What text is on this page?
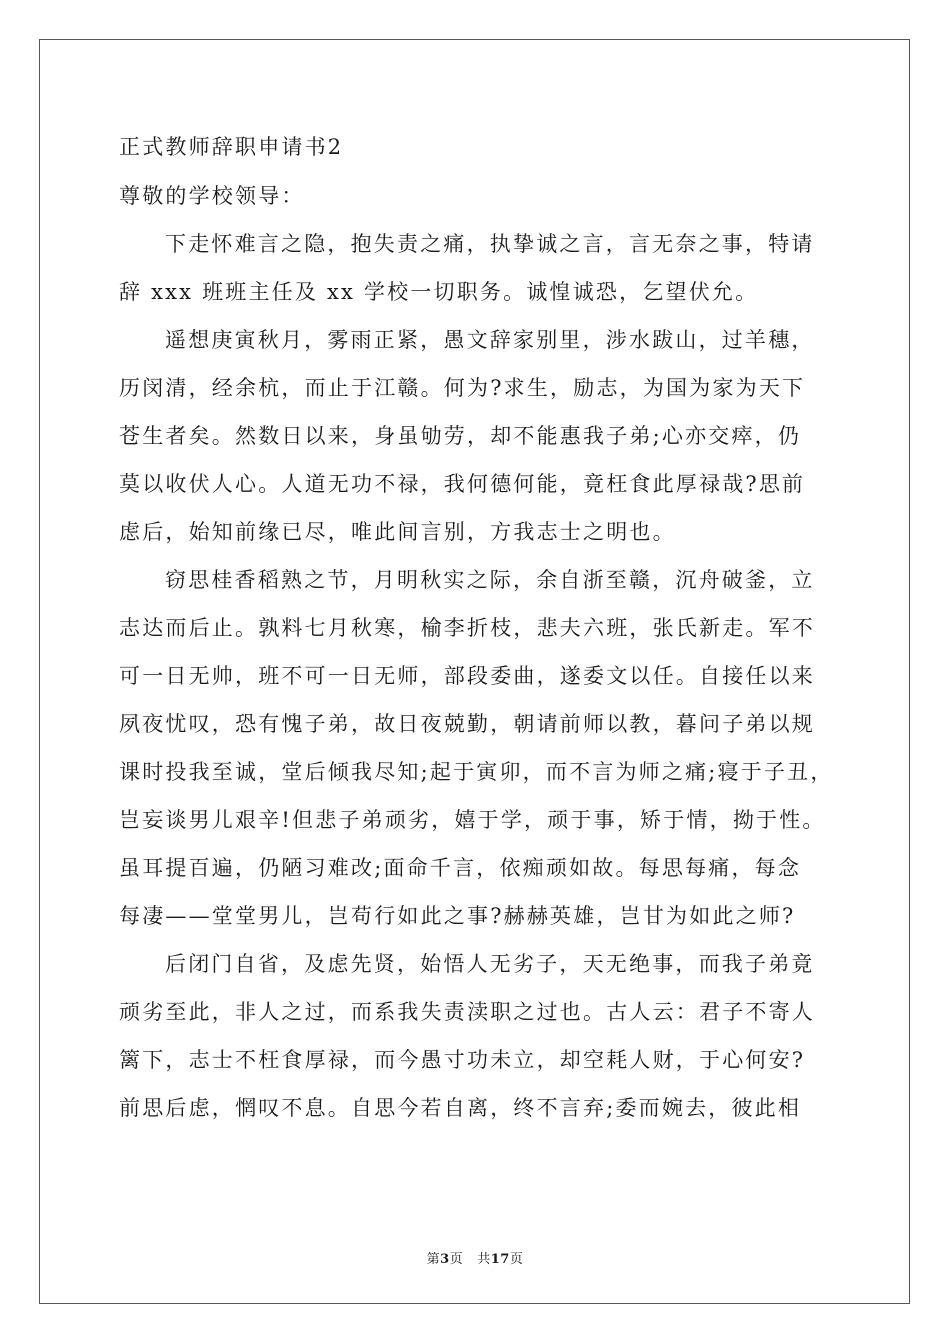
正式教师辞职申请书2
尊敬的学校领导：
下走怀难言之隐，抱失责之痛，执挚诚之言，言无奈之事，特请
辞 xxx 班班主任及 xx 学校一切职务。诚惶诚恐，乞望伏允。
遥想庚寅秋月，雾雨正紧，愚文辞家别里，涉水跋山，过羊穗，
历闵清，经余杭，而止于江赣。何为?求生，励志，为国为家为天下
苍生者矣。然数日以来，身虽劬劳，却不能惠我子弟;心亦交瘁，仍
莫以收伏人心。人道无功不禄，我何德何能，竟枉食此厚禄哉?思前
虑后，始知前缘已尽，唯此间言别，方我志士之明也。
窃思桂香稻熟之节，月明秋实之际，余自浙至赣，沉舟破釜，立
志达而后止。孰料七月秋寒，榆李折枝，悲夫六班，张氏新走。军不
可一日无帅，班不可一日无师，部段委曲，遂委文以任。自接任以来
夙夜忧叹，恐有愧子弟，故日夜兢勤，朝请前师以教，暮问子弟以规
课时投我至诚，堂后倾我尽知;起于寅卯，而不言为师之痛;寝于子丑，
岂妄谈男儿艰辛!但悲子弟顽劣，嬉于学，顽于事，矫于情，拗于性。
虽耳提百遍，仍陋习难改;面命千言，依痴顽如故。每思每痛，每念
每凄——堂堂男儿，岂苟行如此之事?赫赫英雄，岂甘为如此之师?
后闭门自省，及虑先贤，始悟人无劣子，天无绝事，而我子弟竟
顽劣至此，非人之过，而系我失责渎职之过也。古人云：君子不寄人
篱下，志士不枉食厚禄，而今愚寸功未立，却空耗人财，于心何安?
前思后虑，惘叹不息。自思今若自离，终不言弃;委而婉去，彼此相
第3页 共17页
